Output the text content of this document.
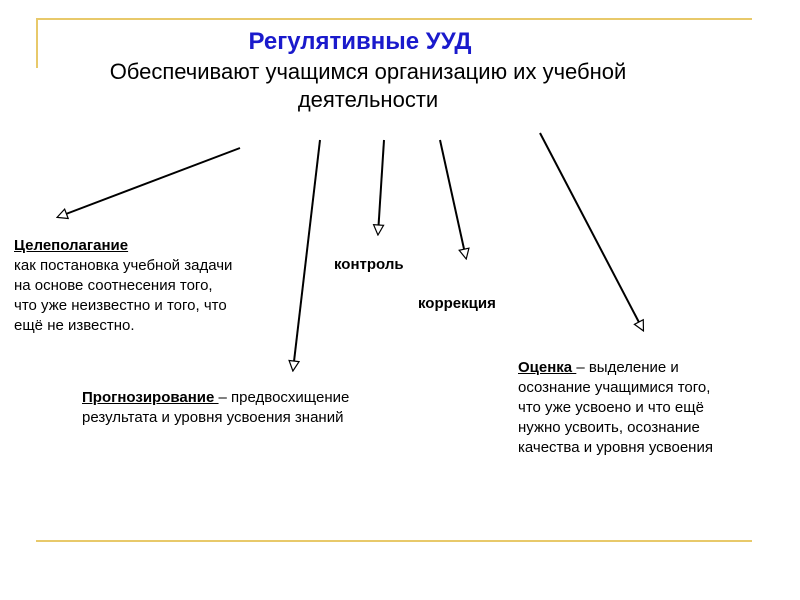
Регулятивные УУД
Обеспечивают учащимся организацию их учебной деятельности
Целеполагание
как постановка учебной задачи
на основе соотнесения того,
что уже неизвестно и того, что
ещё не известно.
контроль
коррекция
Прогнозирование – предвосхищение
результата и уровня усвоения знаний
Оценка – выделение и
осознание учащимися того,
что уже усвоено и что ещё
нужно усвоить, осознание
качества и уровня усвоения
